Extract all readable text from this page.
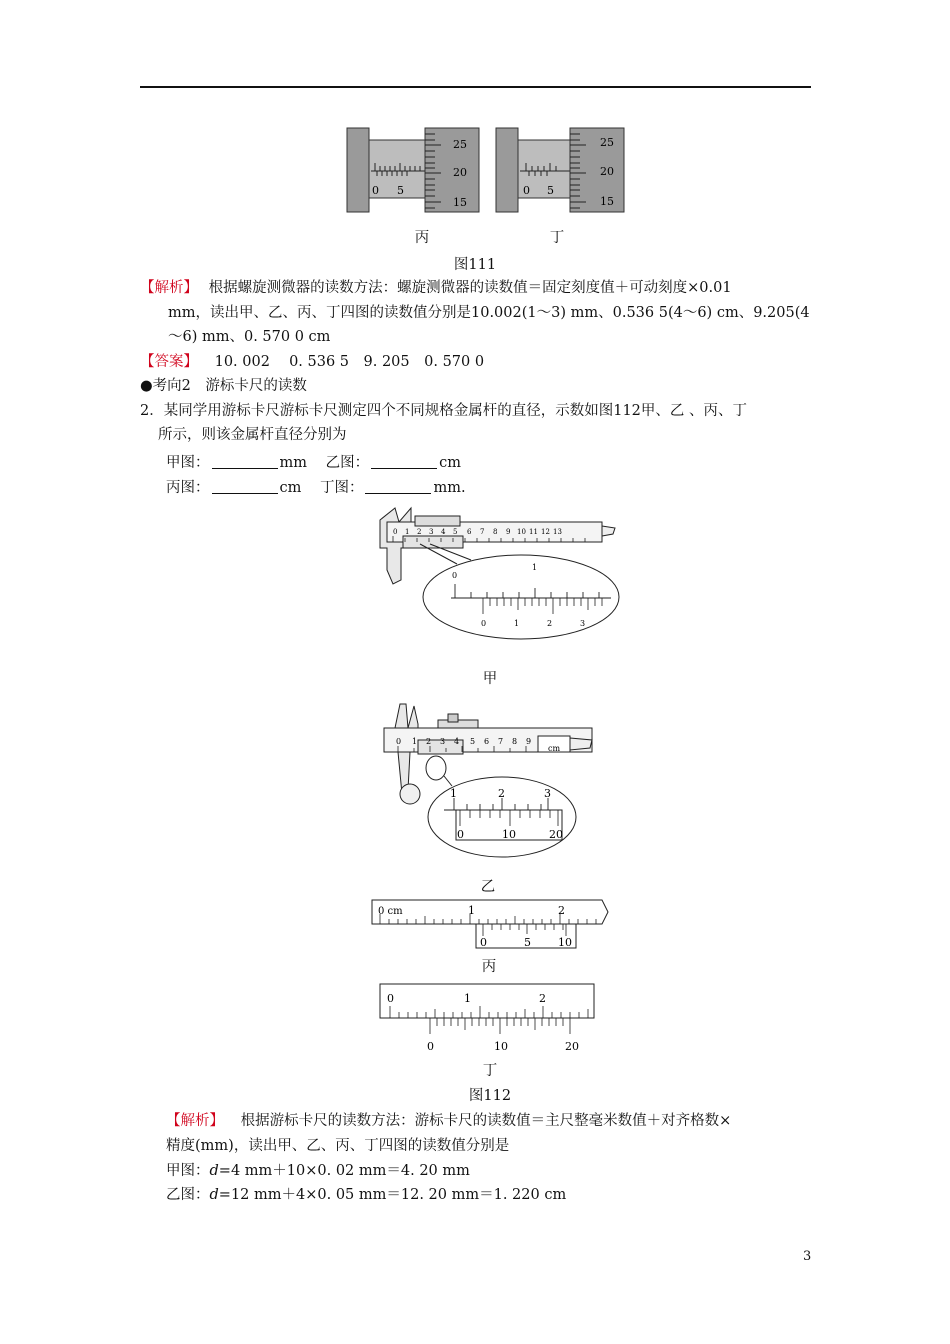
0 5
25
20
15
0 5
25
20
15
丙	丁
图111
【解析】 根据螺旋测微器的读数方法：螺旋测微器的读数值＝固定刻度值＋可动刻度×0.01
mm，读出甲、乙、丙、丁四图的读数值分别是10.002(1～3) mm、0.536 5(4～6) cm、9.205(4
～6) mm、0. 570 0 cm
【答案】 10. 002　 0. 536 5　9. 205　0. 570 0
●考向2　游标卡尺的读数
2．某同学用游标卡尺游标卡尺测定四个不同规格金属杆的直径，示数如图112甲、乙 、丙、丁
所示，则该金属杆直径分别为
甲图：	mm 乙图：	cm
丙图：	cm 丁图：	mm.
0 1 2 3 4 5 6 7 8 9 10 11 12 13
0
1
0	1	2	3
甲
0 1 2 3 4 5 6 7 8 9
cm
1	2	3
0	10	20
乙
0 cm	1	2
0	5 10
丙
0	1	2
0	10	20
丁
图112
【解析】 根据游标卡尺的读数方法：游标卡尺的读数值＝主尺整毫米数值＋对齐格数×
精度(mm)，读出甲、乙、丙、丁四图的读数值分别是
甲图：d=4 mm＋10×0. 02 mm＝4. 20 mm
乙图：d=12 mm＋4×0. 05 mm＝12. 20 mm＝1. 220 cm
3
